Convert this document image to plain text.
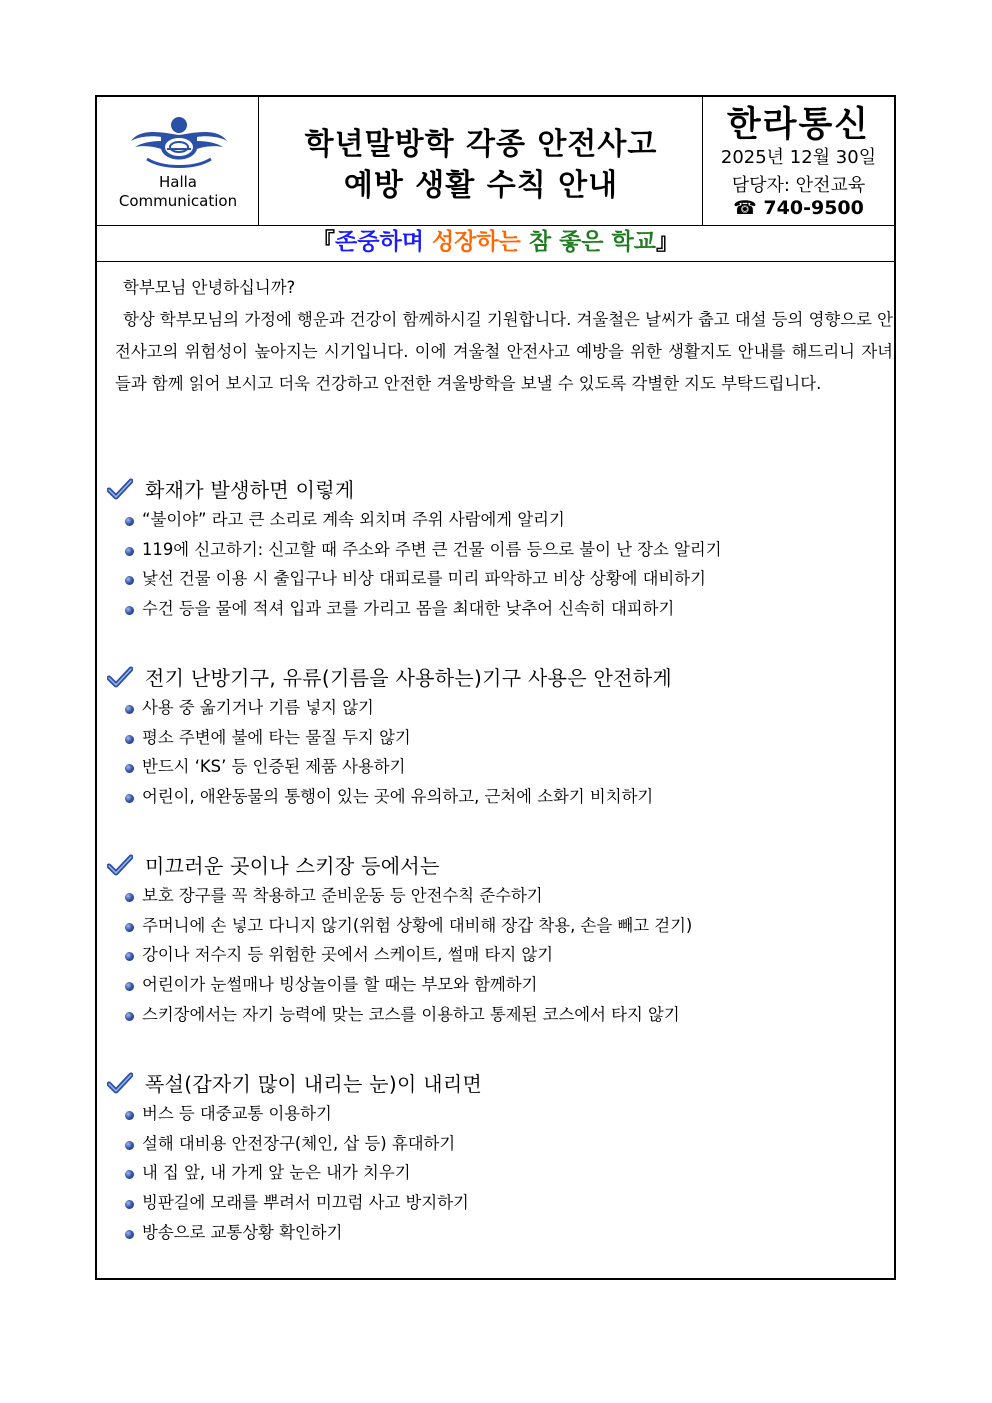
Halla
Communication
학년말방학 각종 안전사고
예방 생활 수칙 안내
한라통신
2025년 12월 30일
담당자: 안전교육
☎ 740-9500
『존중하며 성장하는 참 좋은 학교』

학부모님 안녕하십니까?

항상 학부모님의 가정에 행운과 건강이 함께하시길 기원합니다. 겨울철은 날씨가 춥고 대설 등의 영향으로 안전사고의 위험성이 높아지는 시기입니다. 이에 겨울철 안전사고 예방을 위한 생활지도 안내를 해드리니 자녀들과 함께 읽어 보시고 더욱 건강하고 안전한 겨울방학을 보낼 수 있도록 각별한 지도 부탁드립니다.

화재가 발생하면 이렇게
“불이야” 라고 큰 소리로 계속 외치며 주위 사람에게 알리기
119에 신고하기: 신고할 때 주소와 주변 큰 건물 이름 등으로 불이 난 장소 알리기
낯선 건물 이용 시 출입구나 비상 대피로를 미리 파악하고 비상 상황에 대비하기
수건 등을 물에 적셔 입과 코를 가리고 몸을 최대한 낮추어 신속히 대피하기
전기 난방기구, 유류(기름을 사용하는)기구 사용은 안전하게
사용 중 옮기거나 기름 넣지 않기
평소 주변에 불에 타는 물질 두지 않기
반드시 ‘KS’ 등 인증된 제품 사용하기
어린이, 애완동물의 통행이 있는 곳에 유의하고, 근처에 소화기 비치하기
미끄러운 곳이나 스키장 등에서는
보호 장구를 꼭 착용하고 준비운동 등 안전수칙 준수하기
주머니에 손 넣고 다니지 않기(위험 상황에 대비해 장갑 착용, 손을 빼고 걷기)
강이나 저수지 등 위험한 곳에서 스케이트, 썰매 타지 않기
어린이가 눈썰매나 빙상놀이를 할 때는 부모와 함께하기
스키장에서는 자기 능력에 맞는 코스를 이용하고 통제된 코스에서 타지 않기
폭설(갑자기 많이 내리는 눈)이 내리면
버스 등 대중교통 이용하기
설해 대비용 안전장구(체인, 삽 등) 휴대하기
내 집 앞, 내 가게 앞 눈은 내가 치우기
빙판길에 모래를 뿌려서 미끄럼 사고 방지하기
방송으로 교통상황 확인하기
